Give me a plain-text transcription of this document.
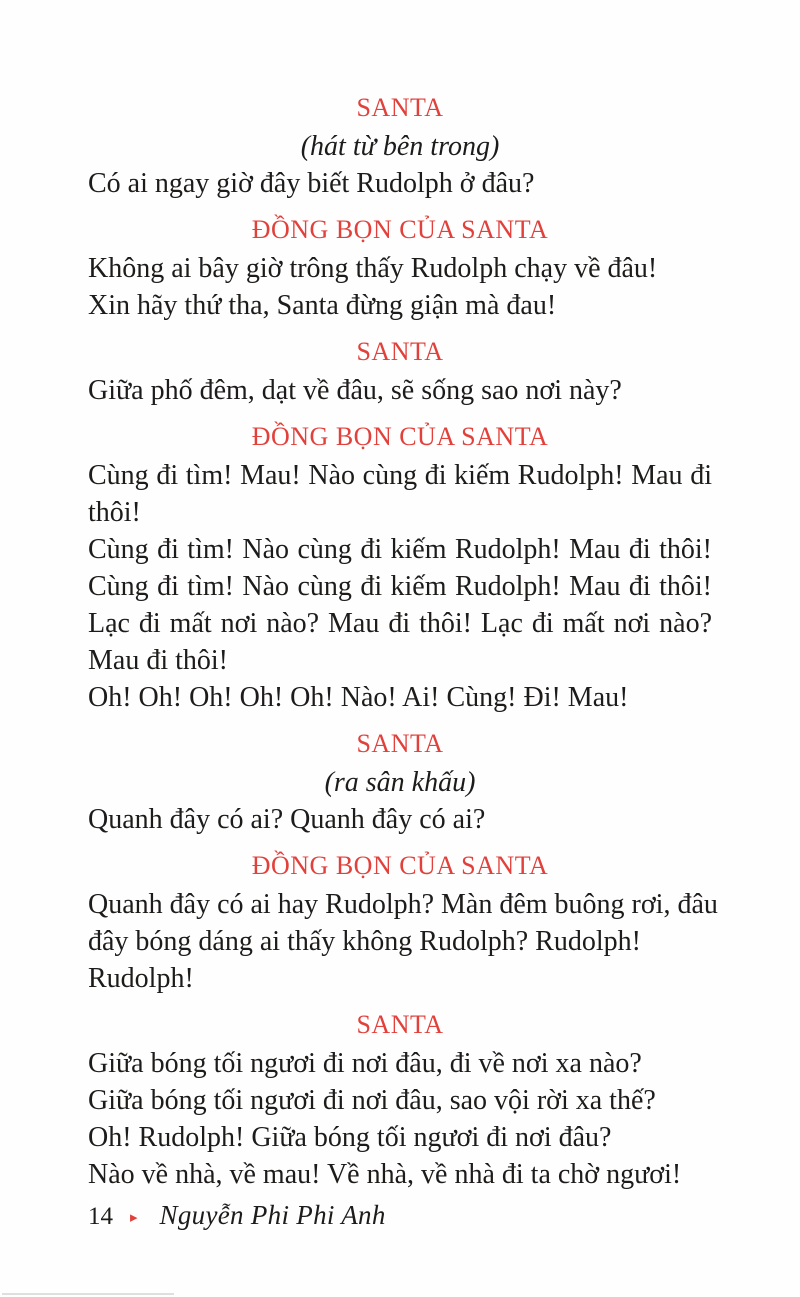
SANTA
(hát từ bên trong)
Có ai ngay giờ đây biết Rudolph ở đâu?
ĐỒNG BỌN CỦA SANTA
Không ai bây giờ trông thấy Rudolph chạy về đâu!
Xin hãy thứ tha, Santa đừng giận mà đau!
SANTA
Giữa phố đêm, dạt về đâu, sẽ sống sao nơi này?
ĐỒNG BỌN CỦA SANTA
Cùng đi tìm! Mau! Nào cùng đi kiếm Rudolph! Mau đi
thôi!
Cùng đi tìm! Nào cùng đi kiếm Rudolph! Mau đi thôi!
Cùng đi tìm! Nào cùng đi kiếm Rudolph! Mau đi thôi!
Lạc đi mất nơi nào? Mau đi thôi! Lạc đi mất nơi nào?
Mau đi thôi!
Oh! Oh! Oh! Oh! Oh! Nào! Ai! Cùng! Đi! Mau!
SANTA
(ra sân khấu)
Quanh đây có ai? Quanh đây có ai?
ĐỒNG BỌN CỦA SANTA
Quanh đây có ai hay Rudolph? Màn đêm buông rơi, đâu
đây bóng dáng ai thấy không Rudolph? Rudolph! Rudolph!
SANTA
Giữa bóng tối ngươi đi nơi đâu, đi về nơi xa nào?
Giữa bóng tối ngươi đi nơi đâu, sao vội rời xa thế?
Oh! Rudolph! Giữa bóng tối ngươi đi nơi đâu?
Nào về nhà, về mau! Về nhà, về nhà đi ta chờ ngươi!
14 ▸ Nguyễn Phi Phi Anh
